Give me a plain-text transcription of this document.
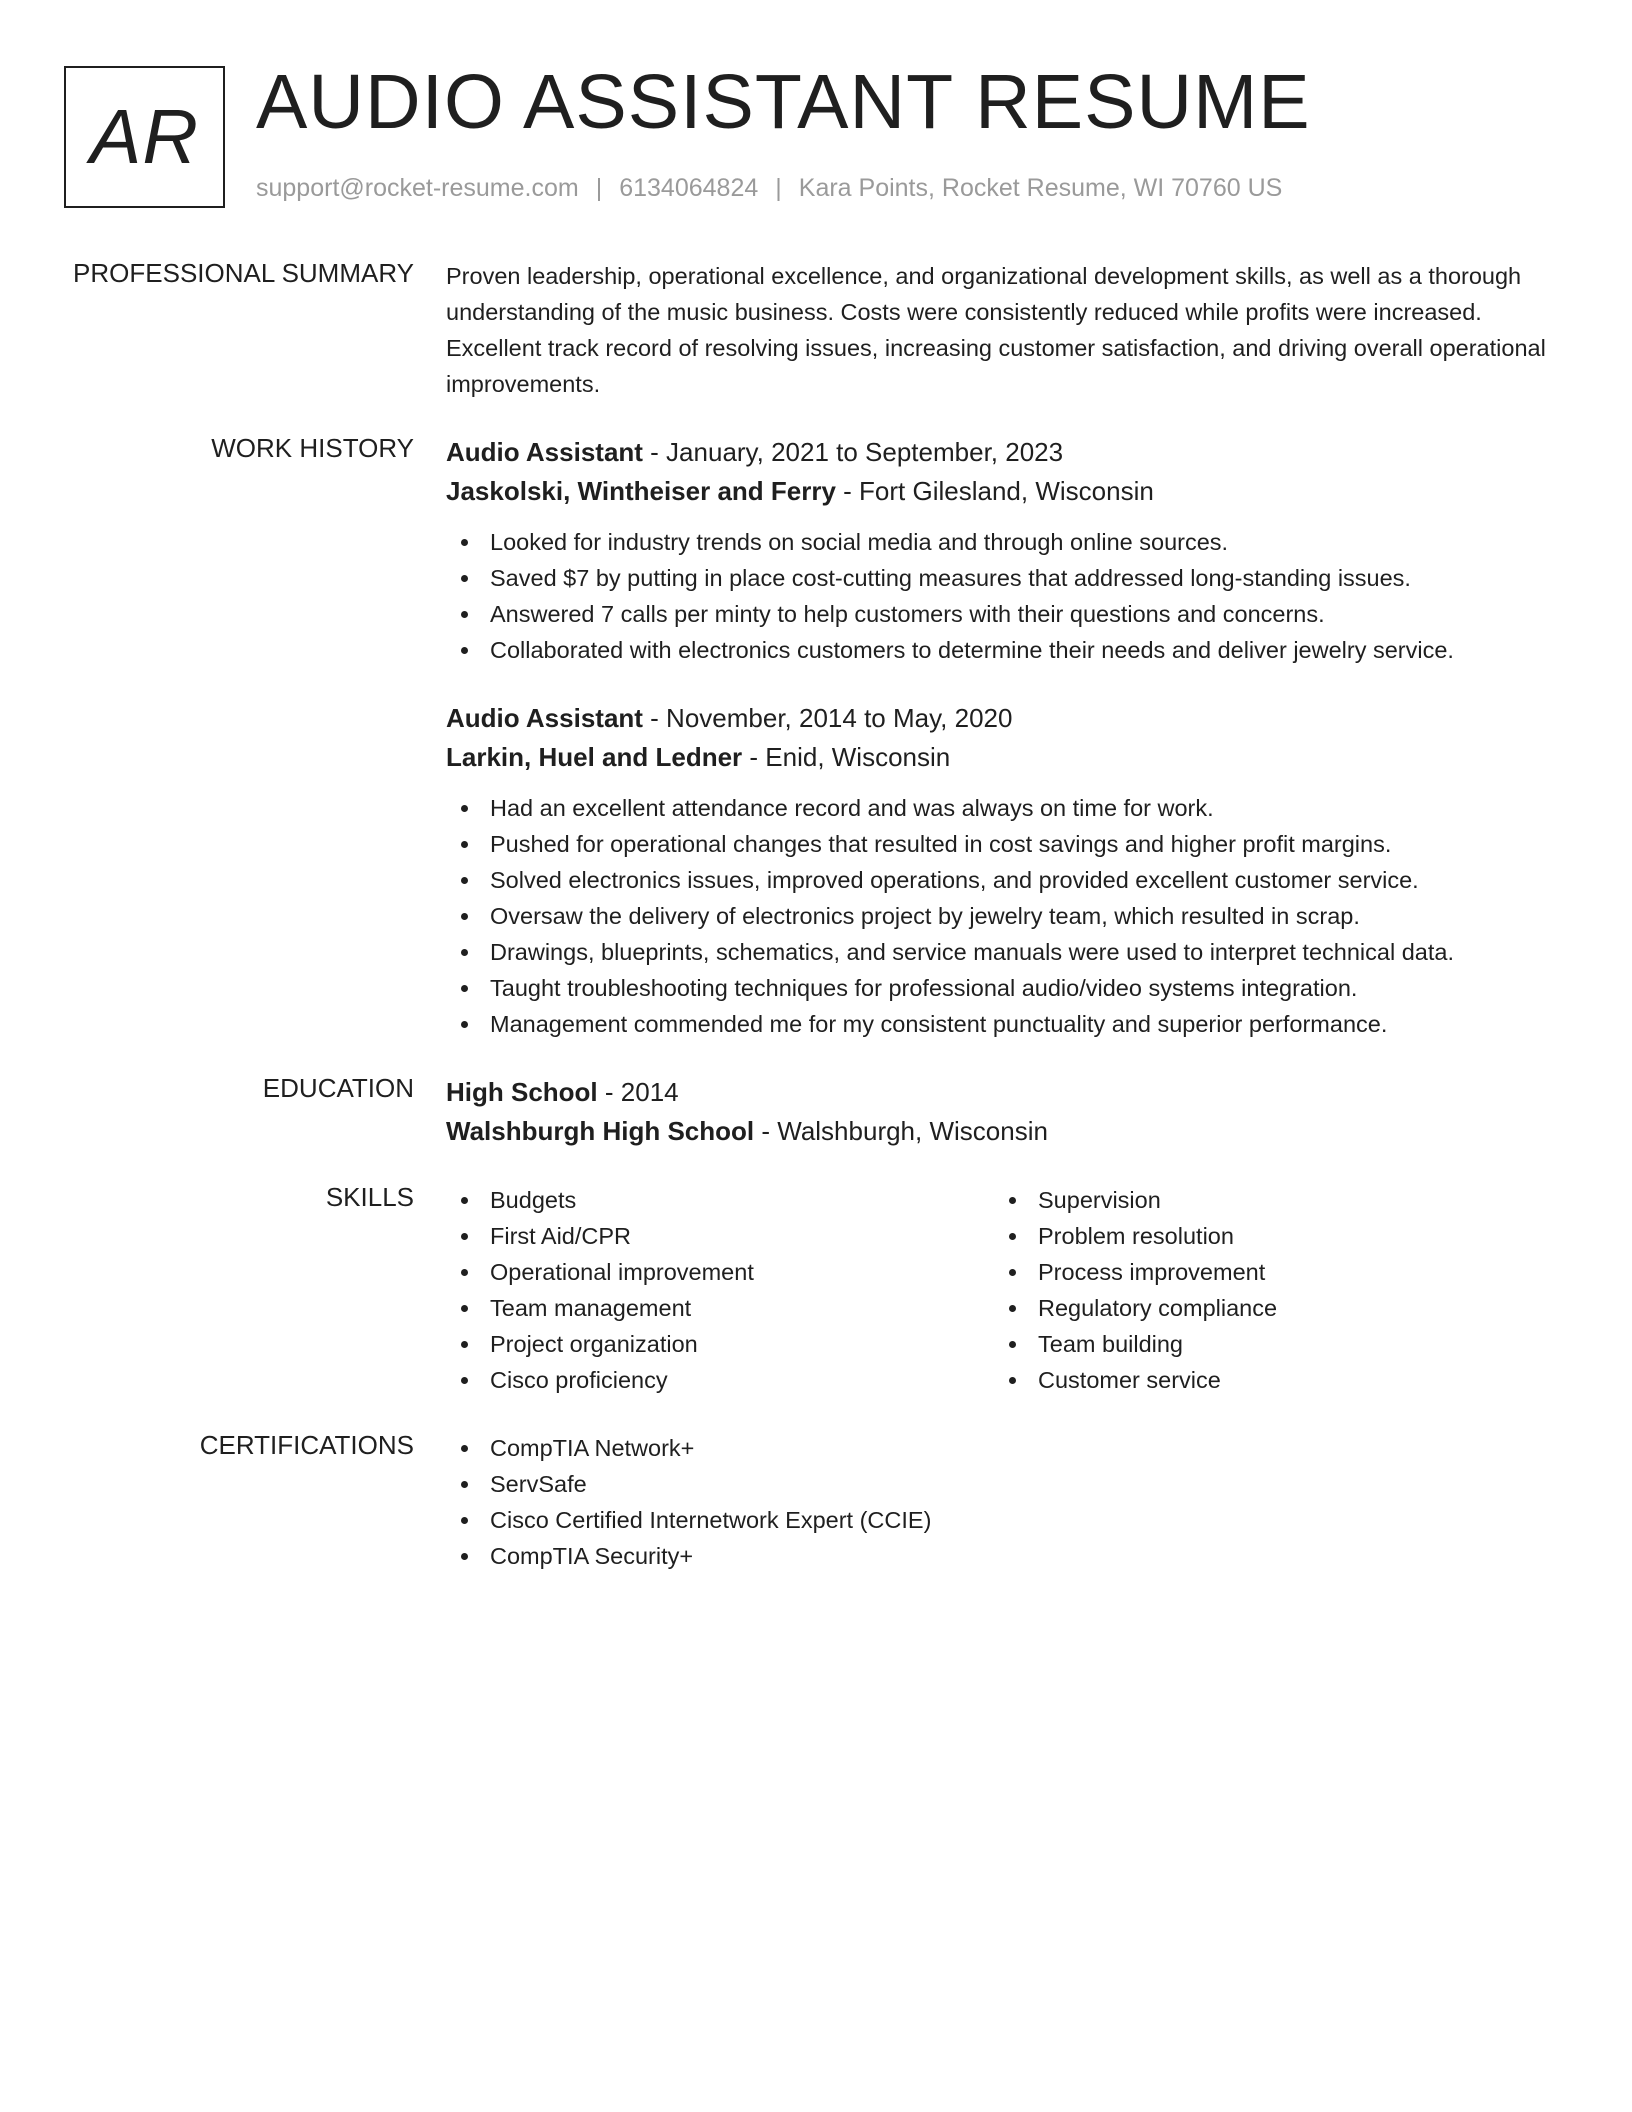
AR AUDIO ASSISTANT RESUME
support@rocket-resume.com | 6134064824 | Kara Points, Rocket Resume, WI 70760 US
PROFESSIONAL SUMMARY Proven leadership, operational excellence, and organizational development skills, as well as a thorough understanding of the music business. Costs were consistently reduced while profits were increased. Excellent track record of resolving issues, increasing customer satisfaction, and driving overall operational improvements.
WORK HISTORY Audio Assistant - January, 2021 to September, 2023
Jaskolski, Wintheiser and Ferry - Fort Gilesland, Wisconsin
Looked for industry trends on social media and through online sources.
Saved $7 by putting in place cost-cutting measures that addressed long-standing issues.
Answered 7 calls per minty to help customers with their questions and concerns.
Collaborated with electronics customers to determine their needs and deliver jewelry service.
Audio Assistant - November, 2014 to May, 2020
Larkin, Huel and Ledner - Enid, Wisconsin
Had an excellent attendance record and was always on time for work.
Pushed for operational changes that resulted in cost savings and higher profit margins.
Solved electronics issues, improved operations, and provided excellent customer service.
Oversaw the delivery of electronics project by jewelry team, which resulted in scrap.
Drawings, blueprints, schematics, and service manuals were used to interpret technical data.
Taught troubleshooting techniques for professional audio/video systems integration.
Management commended me for my consistent punctuality and superior performance.
EDUCATION High School - 2014
Walshburgh High School - Walshburgh, Wisconsin
SKILLS	Budgets
First Aid/CPR
Operational improvement
Team management
Project organization
Cisco proficiency
Supervision
Problem resolution
Process improvement
Regulatory compliance
Team building
Customer service
CERTIFICATIONS	CompTIA Network+
ServSafe
Cisco Certified Internetwork Expert (CCIE)
CompTIA Security+
